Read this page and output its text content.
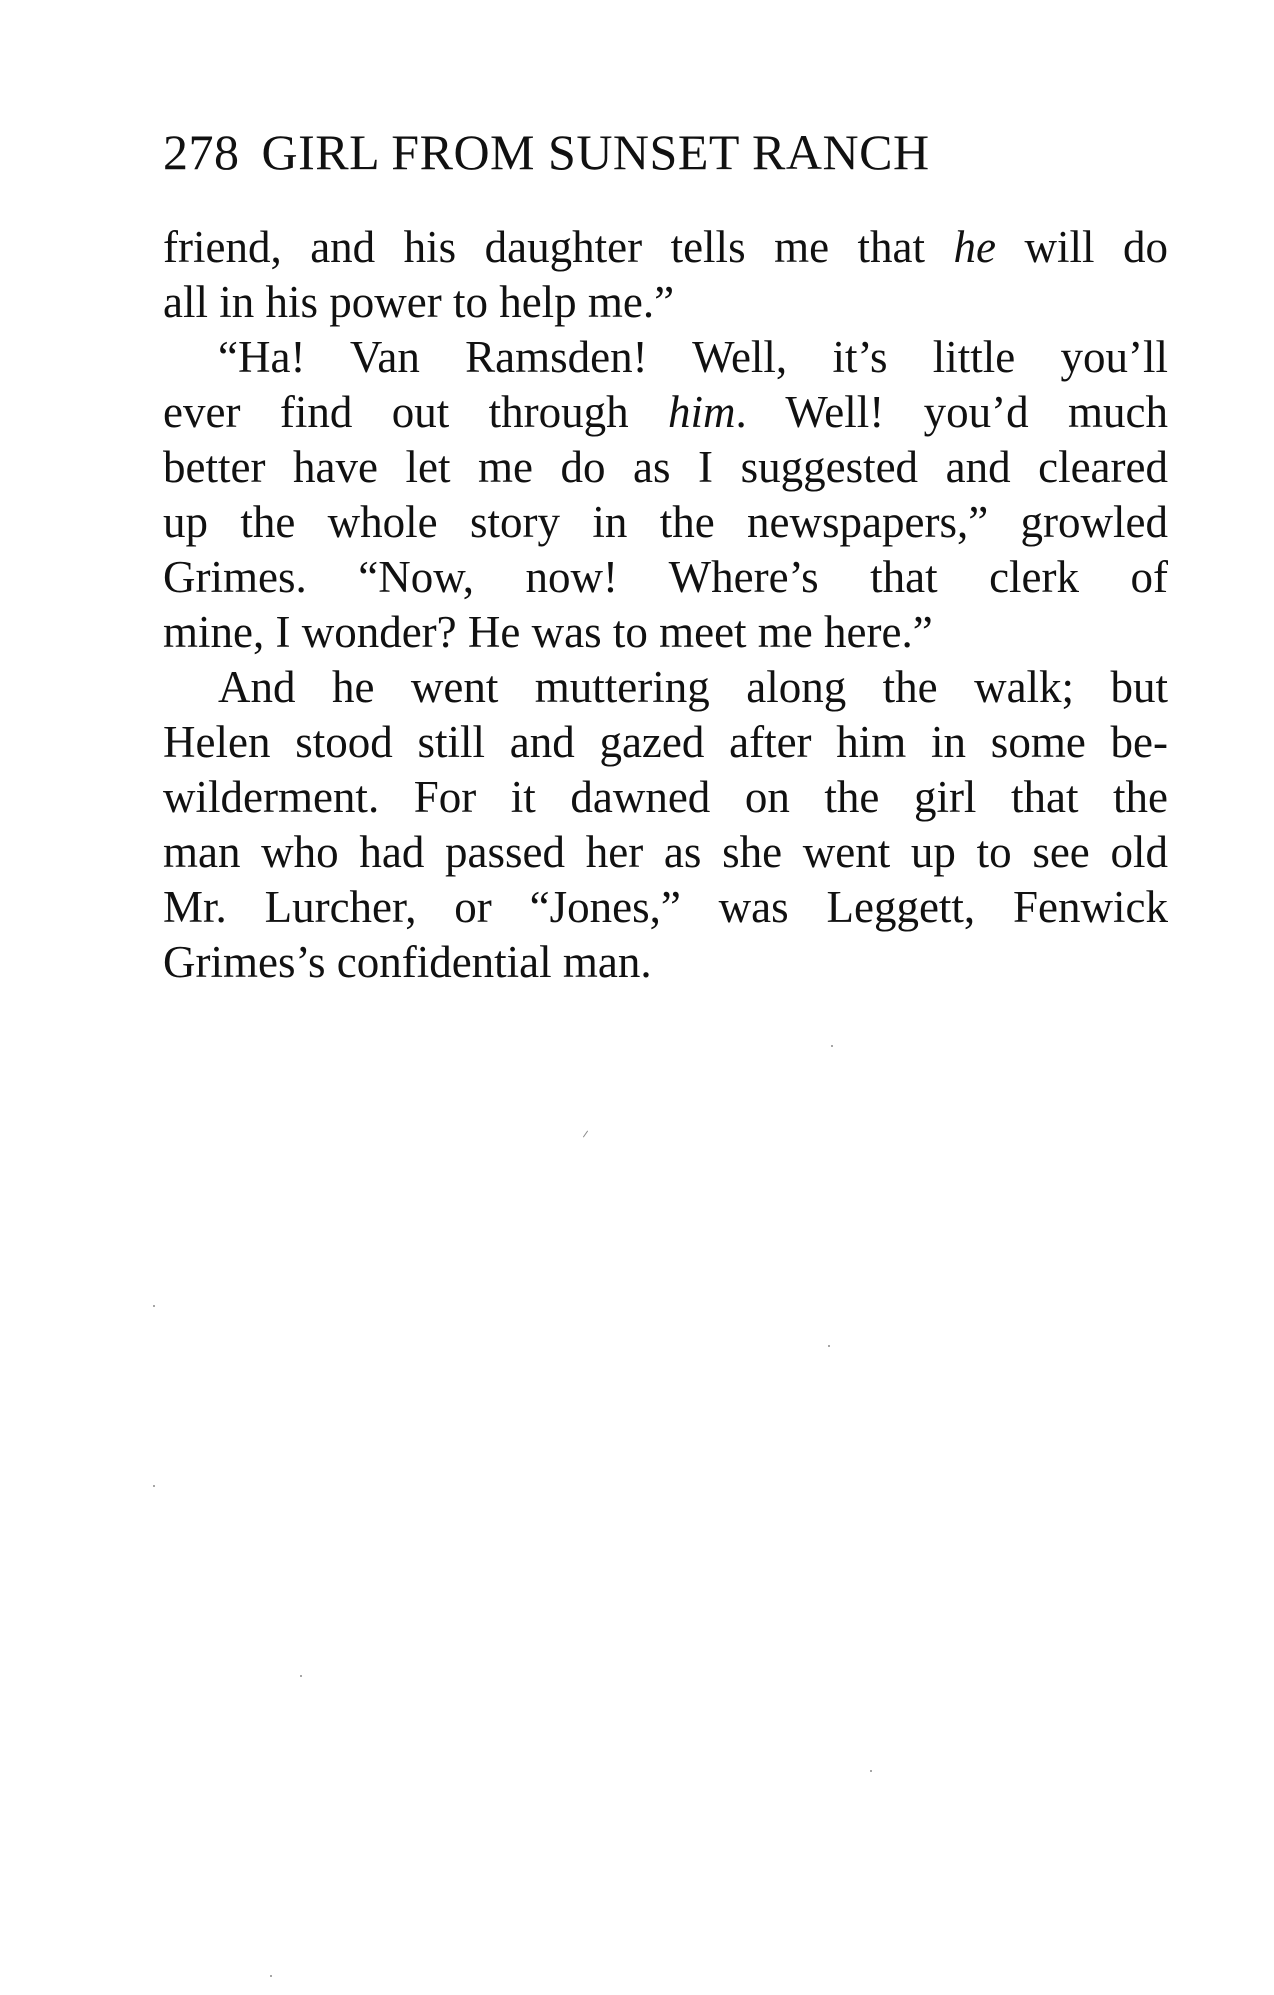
278 GIRL FROM SUNSET RANCH
friend, and his daughter tells me that he will do
all in his power to help me.”
“Ha! Van Ramsden! Well, it’s little you’ll
ever find out through him. Well! you’d much
better have let me do as I suggested and cleared
up the whole story in the newspapers,” growled
Grimes. “Now, now! Where’s that clerk of
mine, I wonder? He was to meet me here.”
And he went muttering along the walk; but
Helen stood still and gazed after him in some be-
wilderment. For it dawned on the girl that the
man who had passed her as she went up to see old
Mr. Lurcher, or “Jones,” was Leggett, Fenwick
Grimes’s confidential man.
